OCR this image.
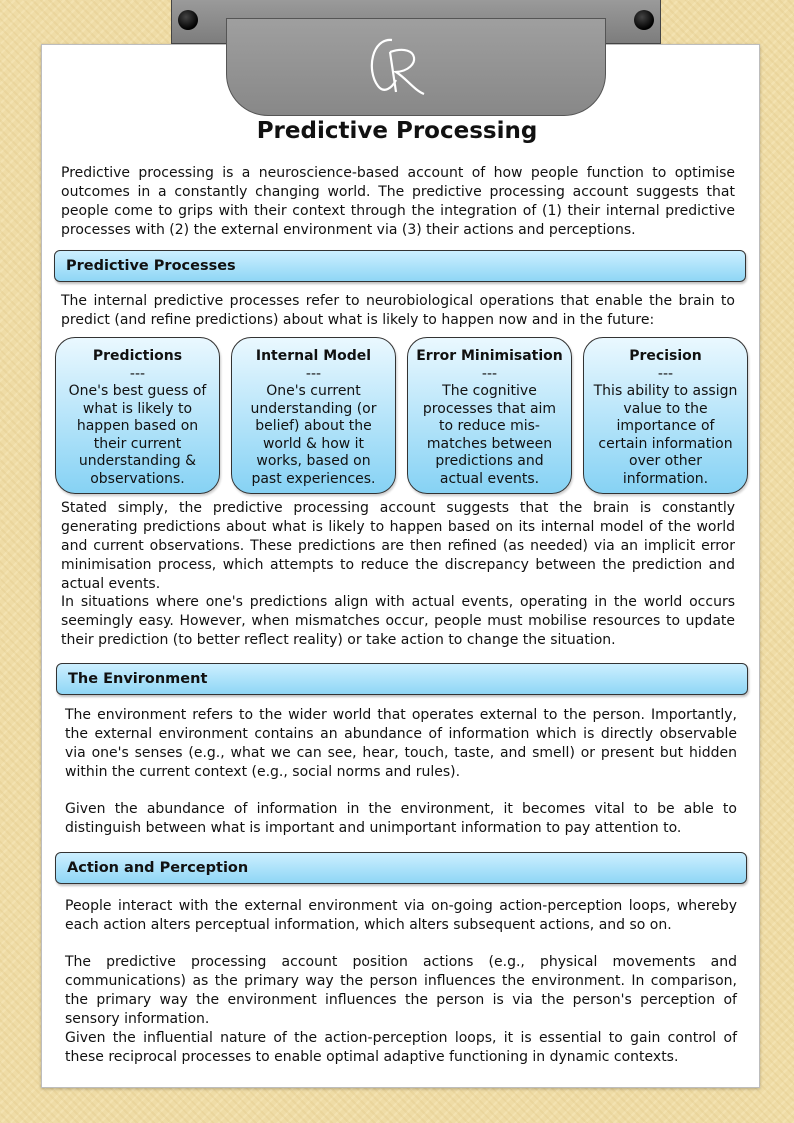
Predictive Processing

Predictive processing is a neuroscience-based account of how people function to optimise outcomes in a constantly changing world. The predictive processing account suggests that people come to grips with their context through the integration of (1) their internal predictive processes with (2) the external environment via (3) their actions and perceptions.

Predictive Processes

The internal predictive processes refer to neurobiological operations that enable the brain to predict (and refine predictions) about what is likely to happen now and in the future:

Predictions
---
One's best guess of what is likely to happen based on their current understanding & observations.
Internal Model
---
One's current understanding (or belief) about the world & how it works, based on past experiences.
Error Minimisation
---
The cognitive processes that aim to reduce mis-matches between predictions and actual events.
Precision
---
This ability to assign value to the importance of certain information over other information.

Stated simply, the predictive processing account suggests that the brain is constantly generating predictions about what is likely to happen based on its internal model of the world and current observations. These predictions are then refined (as needed) via an implicit error minimisation process, which attempts to reduce the discrepancy between the prediction and actual events.

In situations where one's predictions align with actual events, operating in the world occurs seemingly easy. However, when mismatches occur, people must mobilise resources to update their prediction (to better reflect reality) or take action to change the situation.

The Environment

The environment refers to the wider world that operates external to the person. Importantly, the external environment contains an abundance of information which is directly observable via one's senses (e.g., what we can see, hear, touch, taste, and smell) or present but hidden within the current context (e.g., social norms and rules).

Given the abundance of information in the environment, it becomes vital to be able to distinguish between what is important and unimportant information to pay attention to.

Action and Perception

People interact with the external environment via on-going action-perception loops, whereby each action alters perceptual information, which alters subsequent actions, and so on.

The predictive processing account position actions (e.g., physical movements and communications) as the primary way the person influences the environment. In comparison, the primary way the environment influences the person is via the person's perception of sensory information.

Given the influential nature of the action-perception loops, it is essential to gain control of these reciprocal processes to enable optimal adaptive functioning in dynamic contexts.
